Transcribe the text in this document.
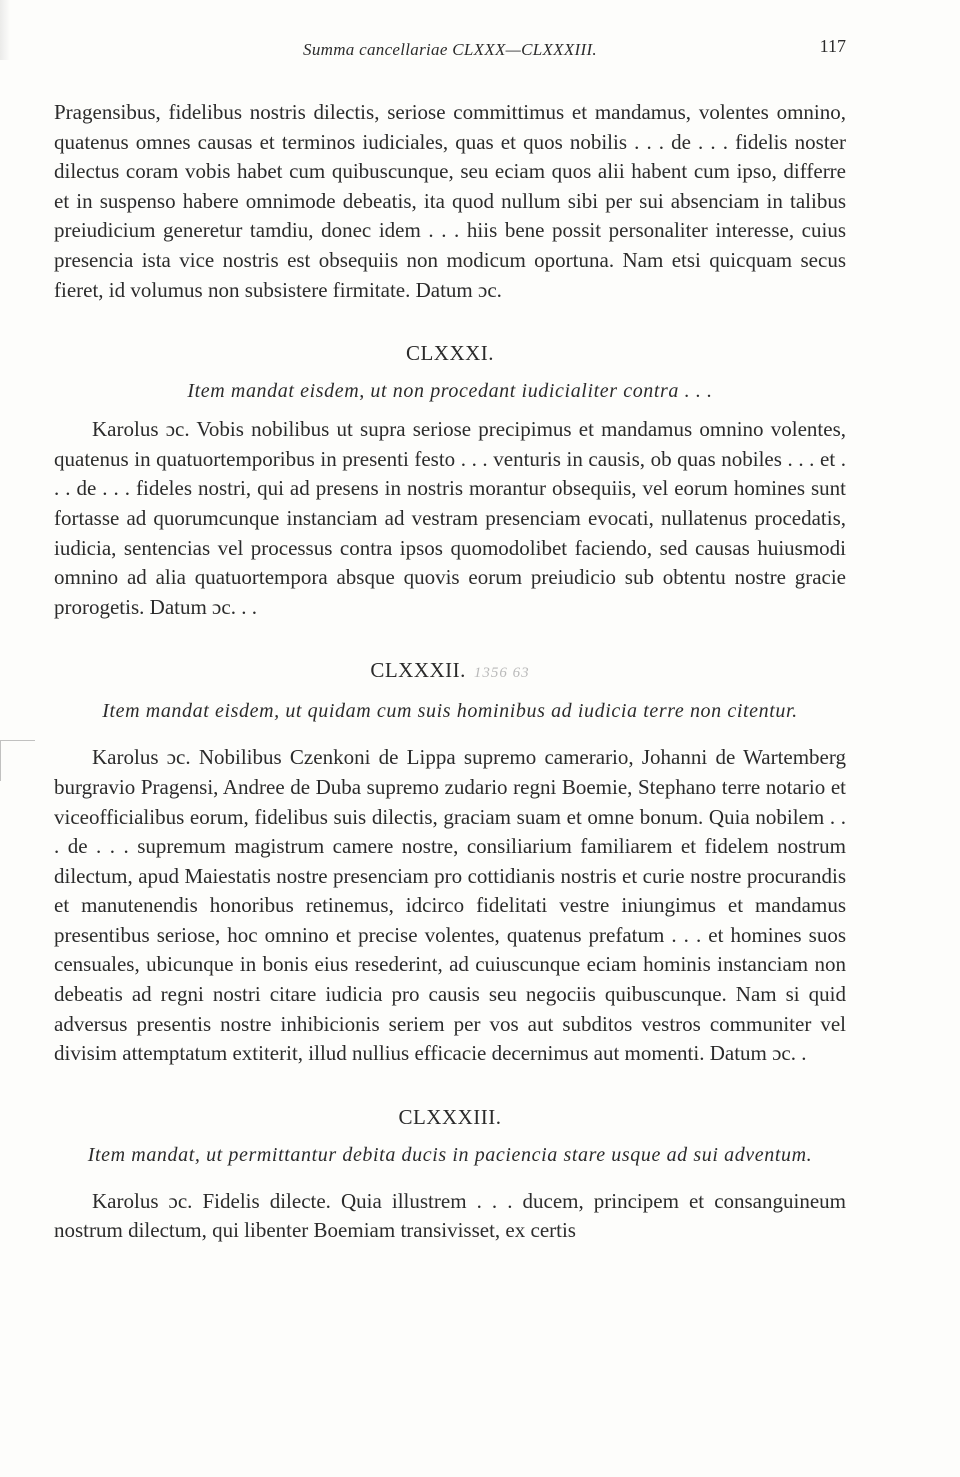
Summa cancellariae CLXXX—CLXXXIII.	117

Pragensibus, fidelibus nostris dilectis, seriose committimus et mandamus, volentes omnino, quatenus omnes causas et terminos iudiciales, quas et quos nobilis . . . de . . . fidelis noster dilectus coram vobis habet cum quibuscunque, seu eciam quos alii habent cum ipso, differre et in suspenso habere omnimode debeatis, ita quod nullum sibi per sui absenciam in talibus preiudicium generetur tamdiu, donec idem . . . hiis bene possit personaliter interesse, cuius presencia ista vice nostris est obsequiis non modicum oportuna. Nam etsi quicquam secus fieret, id volumus non subsistere firmitate. Datum ɔc.

CLXXXI.

Item mandat eisdem, ut non procedant iudicialiter contra . . .

Karolus ɔc. Vobis nobilibus ut supra seriose precipimus et mandamus omnino volentes, quatenus in quatuortemporibus in presenti festo . . . venturis in causis, ob quas nobiles . . . et . . . de . . . fideles nostri, qui ad presens in nostris morantur obsequiis, vel eorum homines sunt fortasse ad quorumcunque instanciam ad vestram presenciam evocati, nullatenus procedatis, iudicia, sentencias vel processus contra ipsos quomodolibet faciendo, sed causas huiusmodi omnino ad alia quatuortempora absque quovis eorum preiudicio sub obtentu nostre gracie prorogetis. Datum ɔc. . .

CLXXXII. 1356 63

Item mandat eisdem, ut quidam cum suis hominibus ad iudicia terre non citentur.

Karolus ɔc. Nobilibus Czenkoni de Lippa supremo camerario, Johanni de Wartemberg burgravio Pragensi, Andree de Duba supremo zudario regni Boemie, Stephano terre notario et viceofficialibus eorum, fidelibus suis dilectis, graciam suam et omne bonum. Quia nobilem . . . de . . . supremum magistrum camere nostre, consiliarium familiarem et fidelem nostrum dilectum, apud Maiestatis nostre presenciam pro cottidianis nostris et curie nostre procurandis et manutenendis honoribus retinemus, idcirco fidelitati vestre iniungimus et mandamus presentibus seriose, hoc omnino et precise volentes, quatenus prefatum . . . et homines suos censuales, ubicunque in bonis eius resederint, ad cuiuscunque eciam hominis instanciam non debeatis ad regni nostri citare iudicia pro causis seu negociis quibuscunque. Nam si quid adversus presentis nostre inhibicionis seriem per vos aut subditos vestros communiter vel divisim attemptatum extiterit, illud nullius efficacie decernimus aut momenti. Datum ɔc. .

CLXXXIII.

Item mandat, ut permittantur debita ducis in paciencia stare usque ad sui adventum.

Karolus ɔc. Fidelis dilecte. Quia illustrem . . . ducem, principem et consanguineum nostrum dilectum, qui libenter Boemiam transivisset, ex certis
